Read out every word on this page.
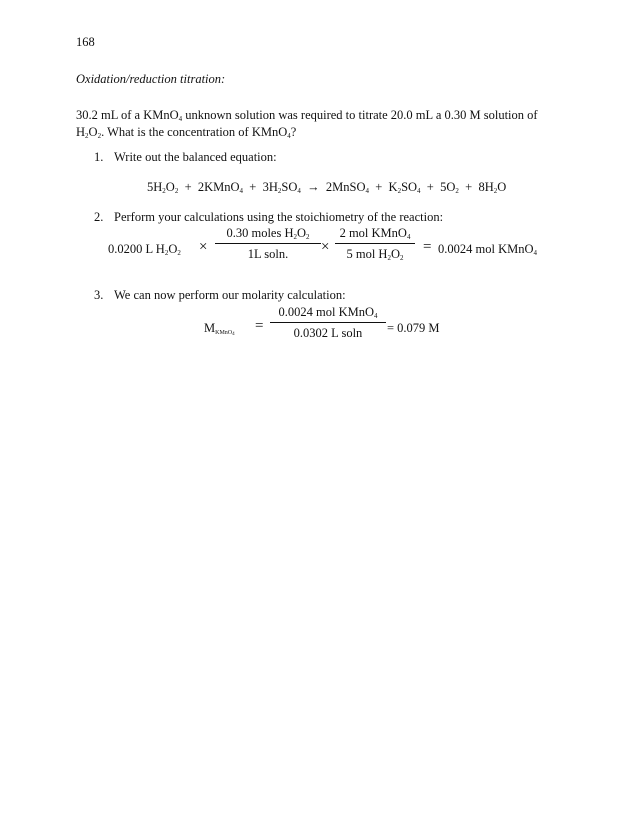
168
Oxidation/reduction titration:
30.2 mL of a KMnO$_4$ unknown solution was required to titrate 20.0 mL a 0.30 M solution of
$H_2O_2$. What is the concentration of KMnO$_4$?
1. Write out the balanced equation:
$5H_2O_2$ + 2KMnO$_4$ + $3H_2SO_4$ → 2MnSO$_4$ + $K_2SO_4 + 5O_2 + 8H_2O$
2. Perform your calculations using the stoichiometry of the reaction:
0.0200 L $H_2O_2$ ×
0.30 moles $H_2O_2$
1L soln.	×
2 mol KMnO$_4$
5 mol $H_2O_2$
= 0.0024 mol KMnO$_4$
3. We can now perform our molarity calculation:
$M_{KMnO4}$
=
0.0024 mol KMnO$_4$
0.0302 L soln	= 0.079 M
